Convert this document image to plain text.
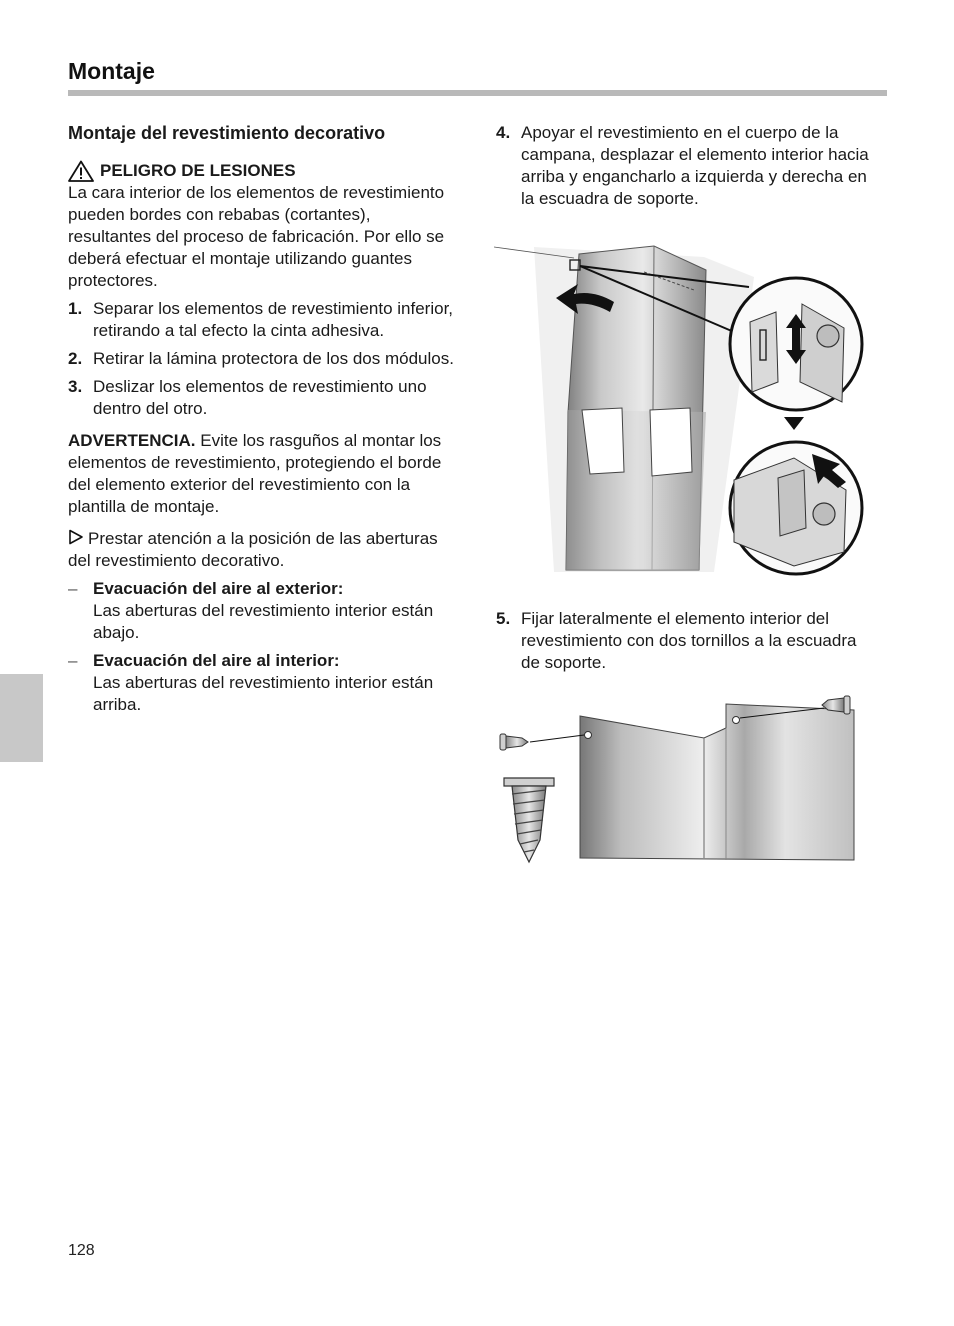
Montaje
Montaje del revestimiento decorativo
PELIGRO DE LESIONES

La cara interior de los elementos de revestimiento pueden bordes con rebabas (cortantes), resultantes del proceso de fabricación. Por ello se deberá efectuar el montaje utilizando guantes protectores.

1. Separar los elementos de revestimiento inferior, retirando a tal efecto la cinta adhesiva.
2. Retirar la lámina protectora de los dos módulos.
3. Deslizar los elementos de revestimiento uno dentro del otro.

ADVERTENCIA. Evite los rasguños al montar los elementos de revestimiento, protegiendo el borde del elemento exterior del revestimiento con la plantilla de montaje.

Prestar atención a la posición de las aberturas del revestimiento decorativo.

– Evacuación del aire al exterior:
Las aberturas del revestimiento interior están abajo.
– Evacuación del aire al interior:
Las aberturas del revestimiento interior están arriba.
4. Apoyar el revestimiento en el cuerpo de la campana, desplazar el elemento interior hacia arriba y engancharlo a izquierda y derecha en la escuadra de soporte.
5. Fijar lateralmente el elemento interior del revestimiento con dos tornillos a la escuadra de soporte.
128
